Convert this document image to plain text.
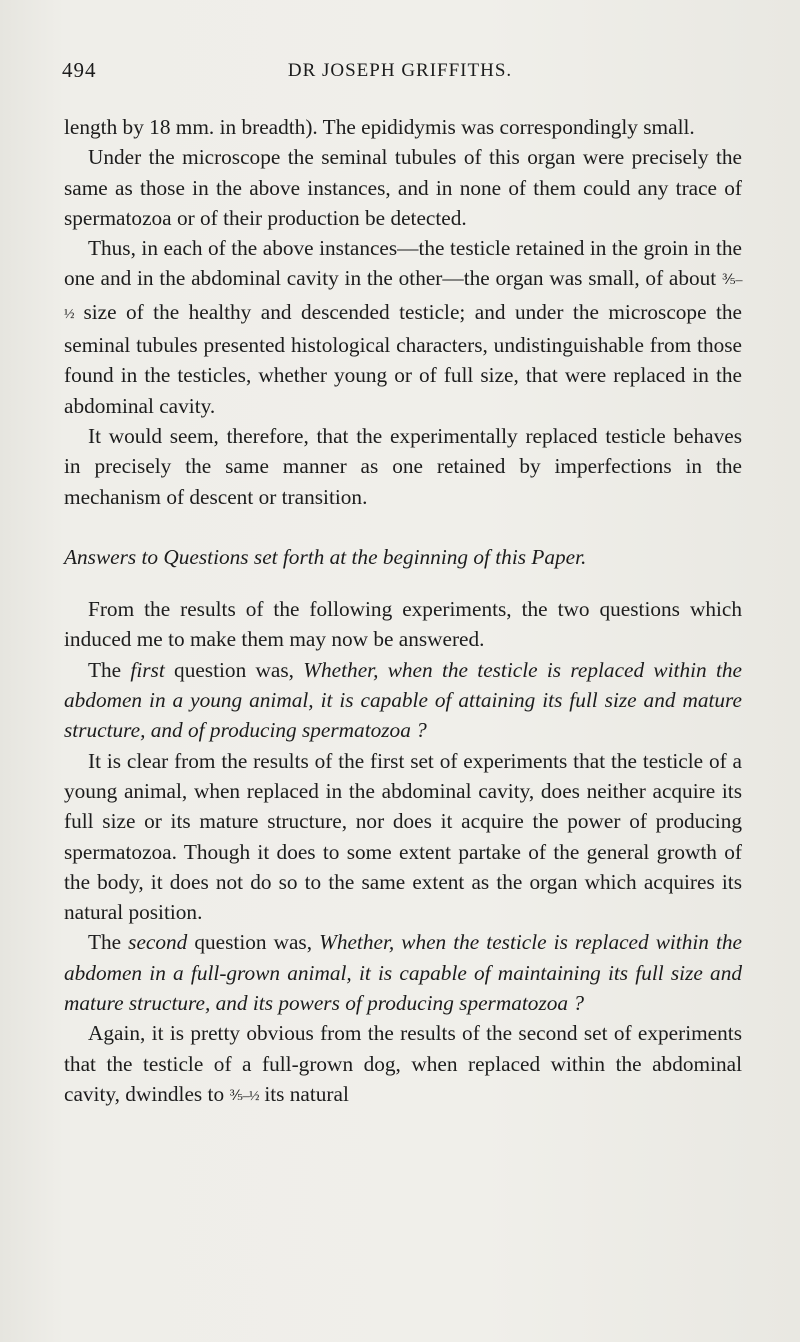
494	DR JOSEPH GRIFFITHS.

length by 18 mm. in breadth). The epididymis was correspondingly small.

Under the microscope the seminal tubules of this organ were precisely the same as those in the above instances, and in none of them could any trace of spermatozoa or of their production be detected.

Thus, in each of the above instances—the testicle retained in the groin in the one and in the abdominal cavity in the other—the organ was small, of about ⅗–½ size of the healthy and descended testicle; and under the microscope the seminal tubules presented histological characters, undistinguishable from those found in the testicles, whether young or of full size, that were replaced in the abdominal cavity.

It would seem, therefore, that the experimentally replaced testicle behaves in precisely the same manner as one retained by imperfections in the mechanism of descent or transition.

Answers to Questions set forth at the beginning of this Paper.

From the results of the following experiments, the two questions which induced me to make them may now be answered.

The first question was, Whether, when the testicle is replaced within the abdomen in a young animal, it is capable of attaining its full size and mature structure, and of producing spermatozoa ?

It is clear from the results of the first set of experiments that the testicle of a young animal, when replaced in the abdominal cavity, does neither acquire its full size or its mature structure, nor does it acquire the power of producing spermatozoa. Though it does to some extent partake of the general growth of the body, it does not do so to the same extent as the organ which acquires its natural position.

The second question was, Whether, when the testicle is replaced within the abdomen in a full-grown animal, it is capable of maintaining its full size and mature structure, and its powers of producing spermatozoa ?

Again, it is pretty obvious from the results of the second set of experiments that the testicle of a full-grown dog, when replaced within the abdominal cavity, dwindles to ⅗–½ its natural
